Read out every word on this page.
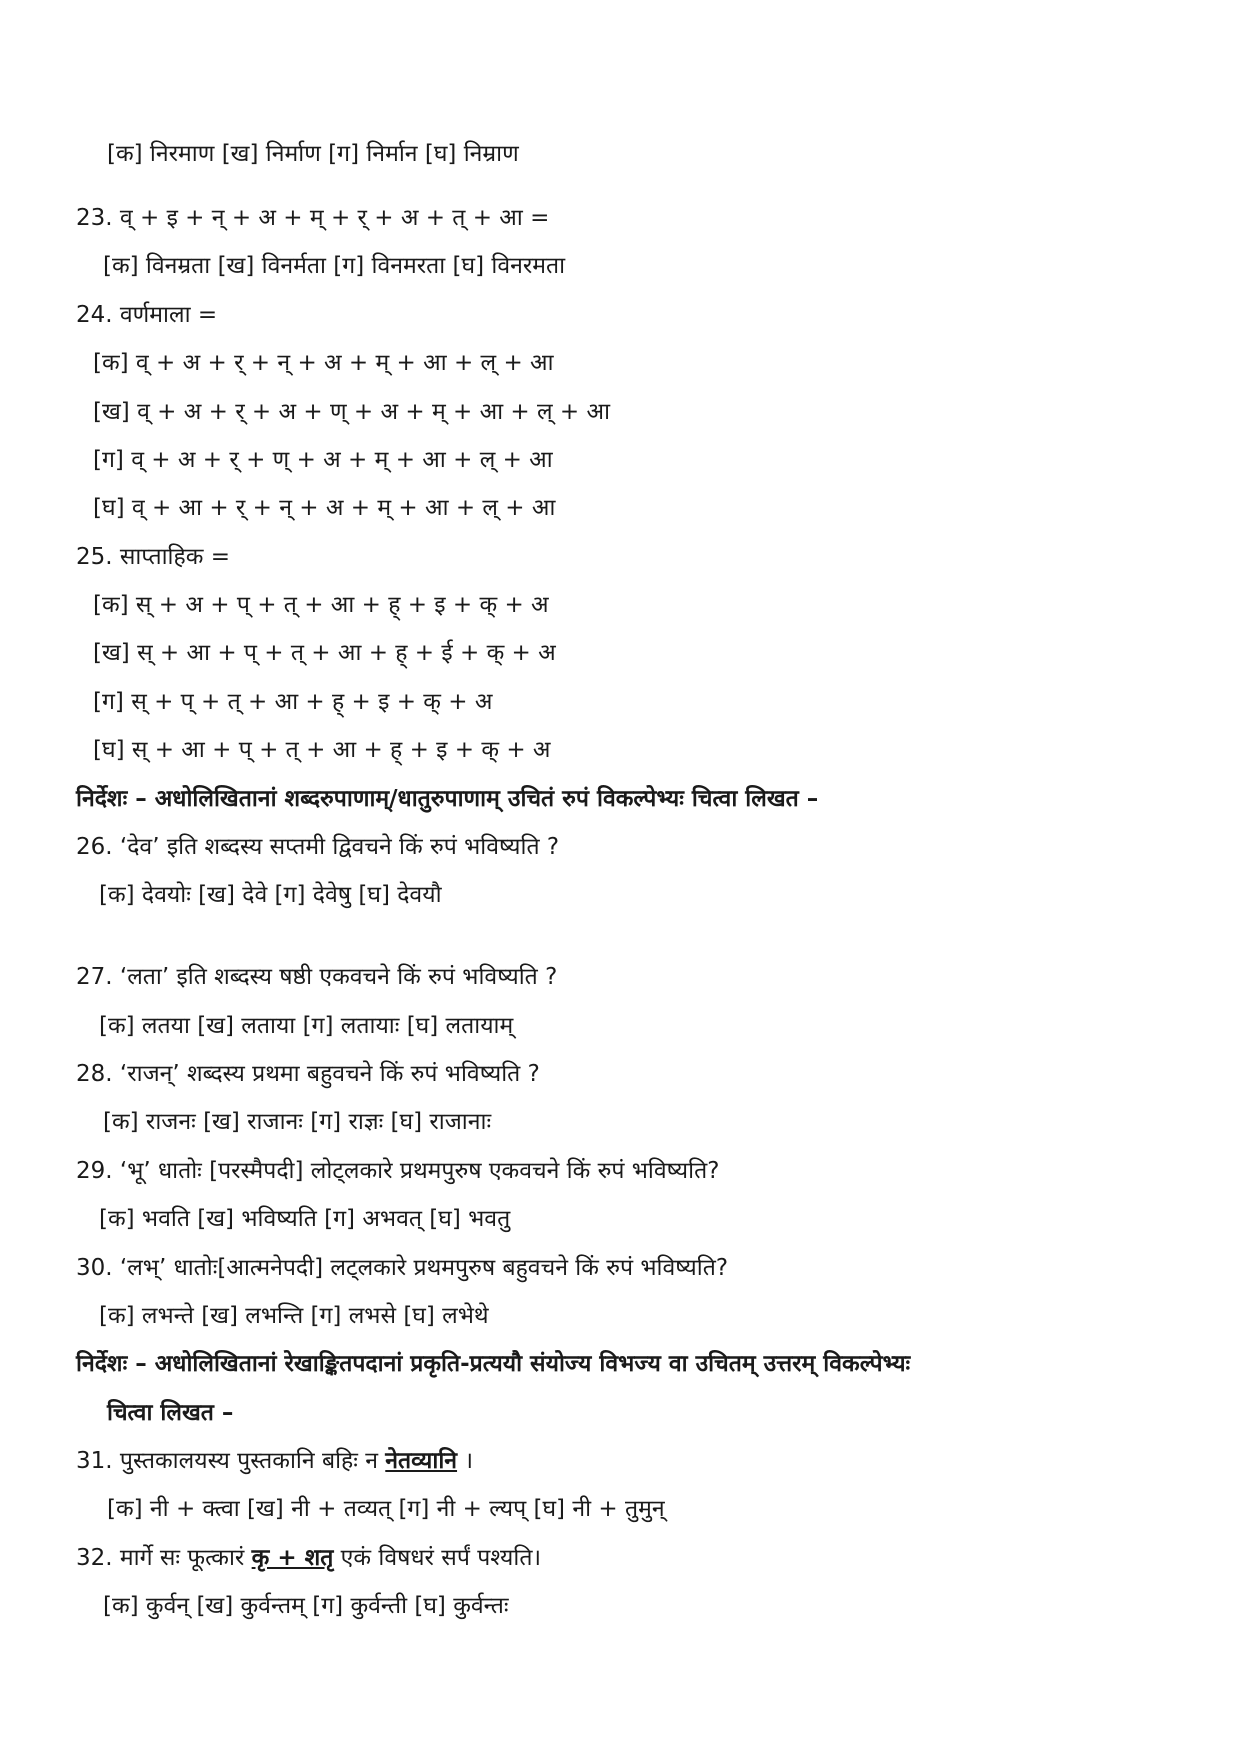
[क] निरमाण [ख] निर्माण [ग] निर्मान [घ] निम्राण
23. व् + इ + न् + अ + म् + र् + अ + त् + आ =
[क] विनम्रता [ख] विनर्मता [ग] विनमरता [घ] विनरमता
24. वर्णमाला =
[क] व् + अ + र् + न् + अ + म् + आ + ल् + आ
[ख] व् + अ + र् + अ + ण् + अ + म् + आ + ल् + आ
[ग] व् + अ + र् + ण् + अ + म् + आ + ल् + आ
[घ] व् + आ + र् + न् + अ + म् + आ + ल् + आ
25. साप्ताहिक =
[क] स् + अ + प् + त् + आ + ह् + इ + क् + अ
[ख] स् + आ + प् + त् + आ + ह् + ई + क् + अ
[ग] स् + प् + त् + आ + ह् + इ + क् + अ
[घ] स् + आ + प् + त् + आ + ह् + इ + क् + अ
निर्देशः – अधोलिखितानां शब्दरुपाणाम्/धातुरुपाणाम् उचितं रुपं विकल्पेभ्यः चित्वा लिखत –
26. ‘देव’ इति शब्दस्य सप्तमी द्विवचने किं रुपं भविष्यति ?
[क] देवयोः [ख] देवे [ग] देवेषु [घ] देवयौ
27. ‘लता’ इति शब्दस्य षष्ठी एकवचने किं रुपं भविष्यति ?
[क] लतया [ख] लताया [ग] लतायाः [घ] लतायाम्
28. ‘राजन्’ शब्दस्य प्रथमा बहुवचने किं रुपं भविष्यति ?
[क] राजनः [ख] राजानः [ग] राज्ञः [घ] राजानाः
29. ‘भू’ धातोः [परस्मैपदी] लोट्लकारे प्रथमपुरुष एकवचने किं रुपं भविष्यति?
[क] भवति [ख] भविष्यति [ग] अभवत् [घ] भवतु
30. ‘लभ्’ धातोः[आत्मनेपदी] लट्लकारे प्रथमपुरुष बहुवचने किं रुपं भविष्यति?
[क] लभन्ते [ख] लभन्ति [ग] लभसे [घ] लभेथे
निर्देशः – अधोलिखितानां रेखाङ्कितपदानां प्रकृति-प्रत्ययौ संयोज्य विभज्य वा उचितम् उत्तरम् विकल्पेभ्यः
चित्वा लिखत –
31. पुस्तकालयस्य पुस्तकानि बहिः न नेतव्यानि ।
[क] नी + क्त्वा [ख] नी + तव्यत् [ग] नी + ल्यप् [घ] नी + तुमुन्
32. मार्गे सः फूत्कारं कृ + शतृ एकं विषधरं सर्पं पश्यति।
[क] कुर्वन् [ख] कुर्वन्तम् [ग] कुर्वन्ती [घ] कुर्वन्तः
